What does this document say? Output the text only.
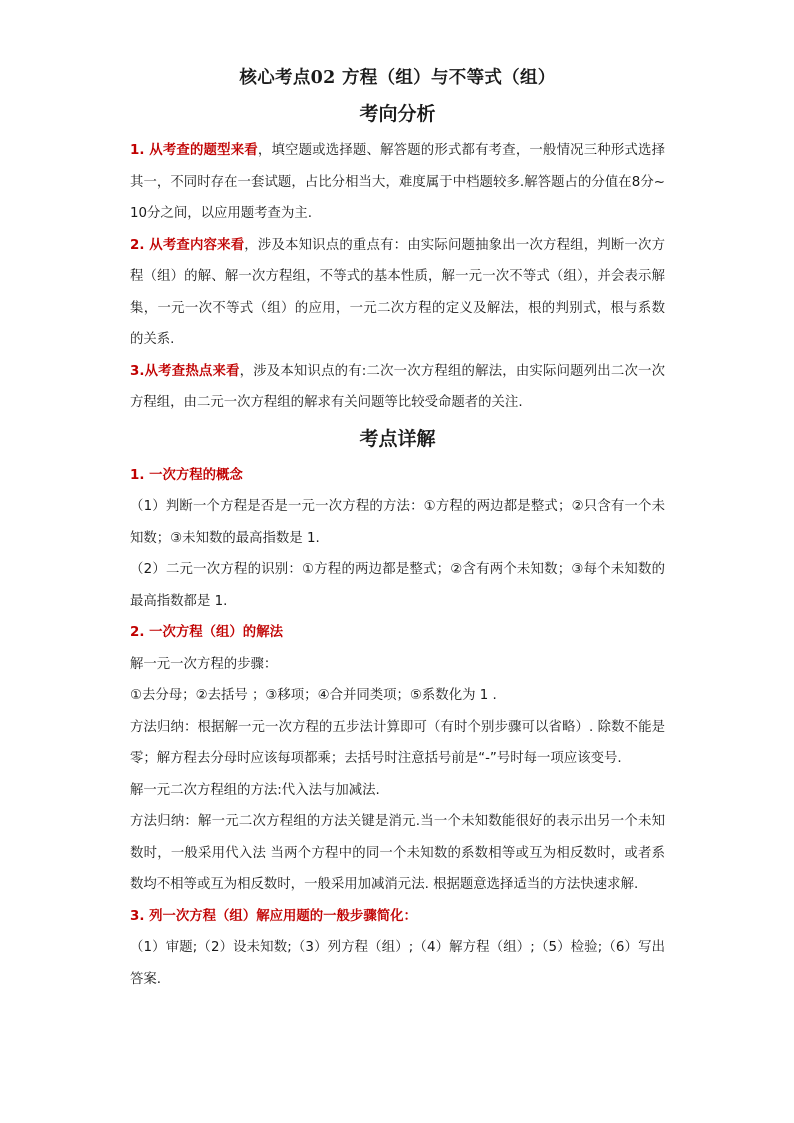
核心考点02 方程（组）与不等式（组）
考向分析

1. 从考查的题型来看，填空题或选择题、解答题的形式都有考查，一般情况三种形式选择其一，不同时存在一套试题，占比分相当大，难度属于中档题较多.解答题占的分值在8分~10分之间，以应用题考查为主.

2. 从考查内容来看，涉及本知识点的重点有：由实际问题抽象出一次方程组，判断一次方程（组）的解、解一次方程组，不等式的基本性质，解一元一次不等式（组），并会表示解集，一元一次不等式（组）的应用，一元二次方程的定义及解法，根的判别式，根与系数的关系.

3.从考查热点来看，涉及本知识点的有:二次一次方程组的解法，由实际问题列出二次一次方程组，由二元一次方程组的解求有关问题等比较受命题者的关注.

考点详解

1. 一次方程的概念

（1）判断一个方程是否是一元一次方程的方法：①方程的两边都是整式；②只含有一个未知数；③未知数的最高指数是 1.

（2）二元一次方程的识别：①方程的两边都是整式；②含有两个未知数；③每个未知数的最高指数都是 1.

2. 一次方程（组）的解法

解一元一次方程的步骤：

①去分母；②去括号 ；③移项；④合并同类项；⑤系数化为 1 .

方法归纳：根据解一元一次方程的五步法计算即可（有时个别步骤可以省略）. 除数不能是零；解方程去分母时应该每项都乘；去括号时注意括号前是“-”号时每一项应该变号.

解一元二次方程组的方法:代入法与加减法.

方法归纳：解一元二次方程组的方法关键是消元.当一个未知数能很好的表示出另一个未知数时，一般采用代入法 当两个方程中的同一个未知数的系数相等或互为相反数时，或者系数均不相等或互为相反数时，一般采用加减消元法. 根据题意选择适当的方法快速求解.

3. 列一次方程（组）解应用题的一般步骤简化：

（1）审题;（2）设未知数;（3）列方程（组）;（4）解方程（组）;（5）检验;（6）写出答案.
